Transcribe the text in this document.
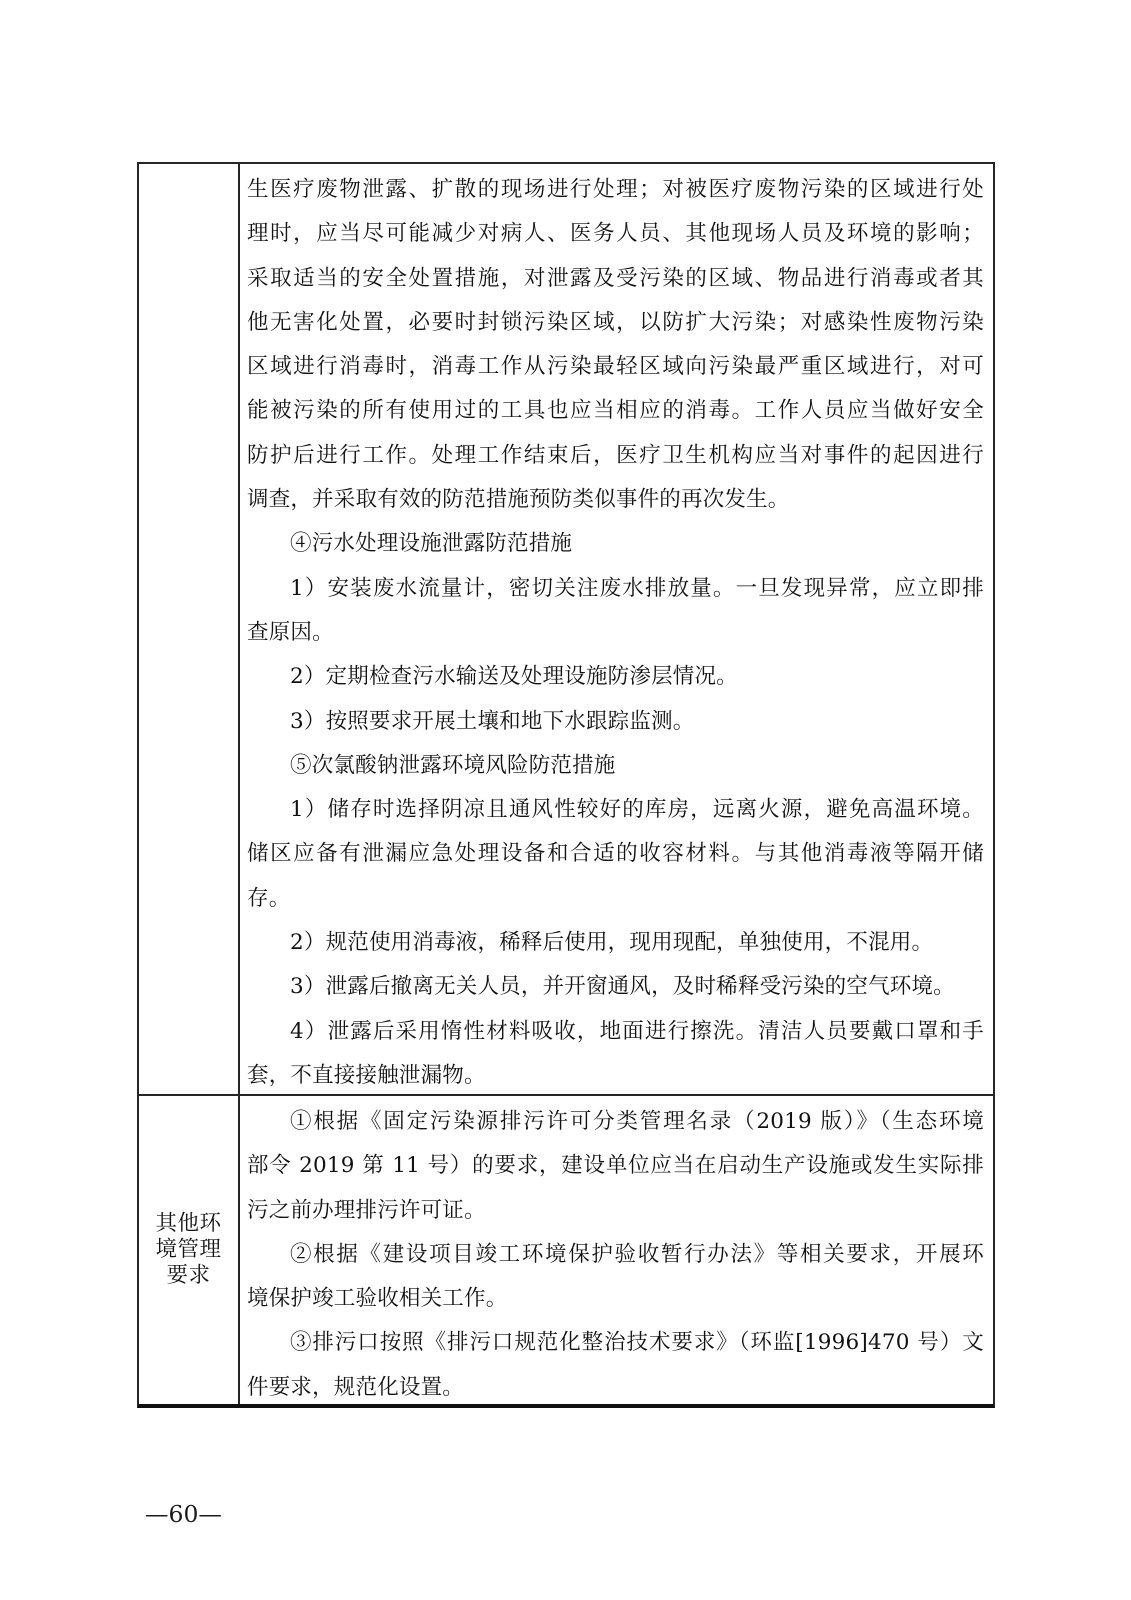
生医疗废物泄露、扩散的现场进行处理；对被医疗废物污染的区域进行处
理时，应当尽可能减少对病人、医务人员、其他现场人员及环境的影响；
采取适当的安全处置措施，对泄露及受污染的区域、物品进行消毒或者其
他无害化处置，必要时封锁污染区域，以防扩大污染；对感染性废物污染
区域进行消毒时，消毒工作从污染最轻区域向污染最严重区域进行，对可
能被污染的所有使用过的工具也应当相应的消毒。工作人员应当做好安全
防护后进行工作。处理工作结束后，医疗卫生机构应当对事件的起因进行
调查，并采取有效的防范措施预防类似事件的再次发生。
④污水处理设施泄露防范措施
1）安装废水流量计，密切关注废水排放量。一旦发现异常，应立即排
查原因。
2）定期检查污水输送及处理设施防渗层情况。
3）按照要求开展土壤和地下水跟踪监测。
⑤次氯酸钠泄露环境风险防范措施
1）储存时选择阴凉且通风性较好的库房，远离火源，避免高温环境。
储区应备有泄漏应急处理设备和合适的收容材料。与其他消毒液等隔开储
存。
2）规范使用消毒液，稀释后使用，现用现配，单独使用，不混用。
3）泄露后撤离无关人员，并开窗通风，及时稀释受污染的空气环境。
4）泄露后采用惰性材料吸收，地面进行擦洗。清洁人员要戴口罩和手
套，不直接接触泄漏物。
其他环
境管理
要求
①根据《固定污染源排污许可分类管理名录（2019 版）》（生态环境
部令 2019 第 11 号）的要求，建设单位应当在启动生产设施或发生实际排
污之前办理排污许可证。
②根据《建设项目竣工环境保护验收暂行办法》等相关要求，开展环
境保护竣工验收相关工作。
③排污口按照《排污口规范化整治技术要求》（环监[1996]470 号）文
件要求，规范化设置。
—60—
